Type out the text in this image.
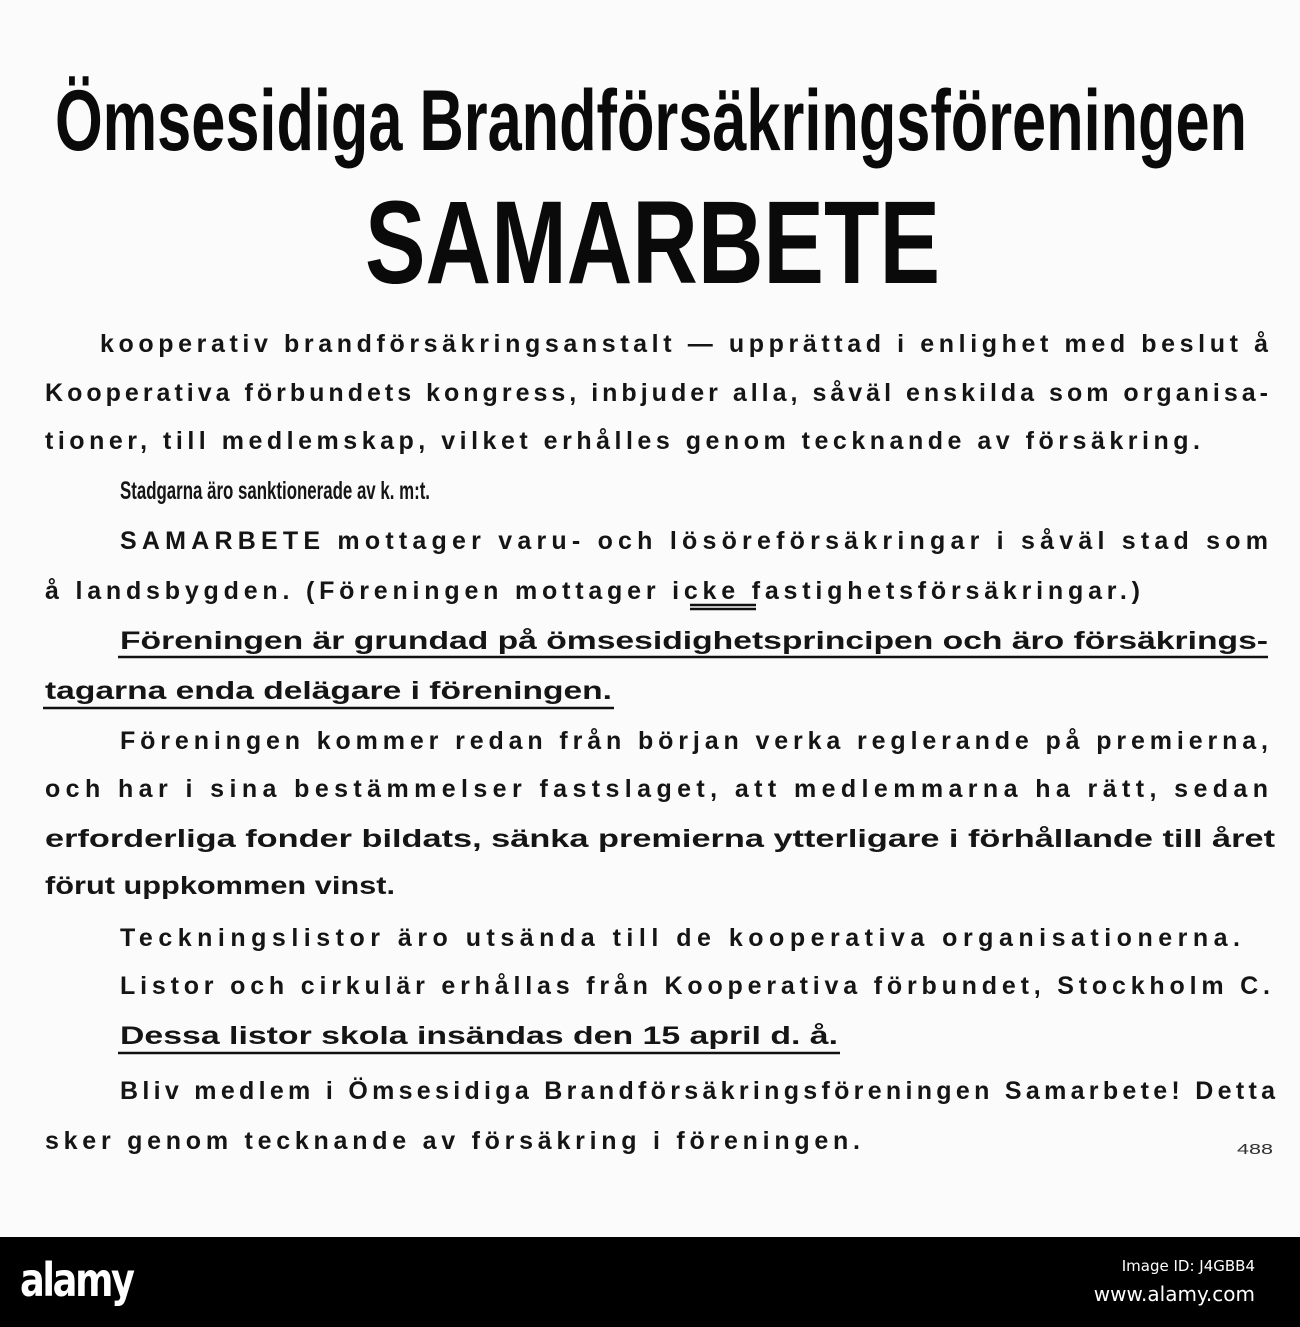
Ömsesidiga Brandförsäkringsföreningen
SAMARBETE
kooperativ brandförsäkringsanstalt — upprättad i enlighet med beslut å
Kooperativa förbundets kongress, inbjuder alla, såväl enskilda som organisa-
tioner, till medlemskap, vilket erhålles genom tecknande av försäkring.
Stadgarna äro sanktionerade av k. m:t.
SAMARBETE mottager varu- och lösöreförsäkringar i såväl stad som
å landsbygden. (Föreningen mottager icke fastighetsförsäkringar.)
Föreningen är grundad på ömsesidighetsprincipen och äro försäkrings-
tagarna enda delägare i föreningen.
Föreningen kommer redan från början verka reglerande på premierna,
och har i sina bestämmelser fastslaget, att medlemmarna ha rätt, sedan
erforderliga fonder bildats, sänka premierna ytterligare i förhållande till året
förut uppkommen vinst.
Teckningslistor äro utsända till de kooperativa organisationerna.
Listor och cirkulär erhållas från Kooperativa förbundet, Stockholm C.
Dessa listor skola insändas den 15 april d. å.
Bliv medlem i Ömsesidiga Brandförsäkringsföreningen Samarbete! Detta
sker genom tecknande av försäkring i föreningen.	488
alamy	Image ID: J4GBB4
www.alamy.com
